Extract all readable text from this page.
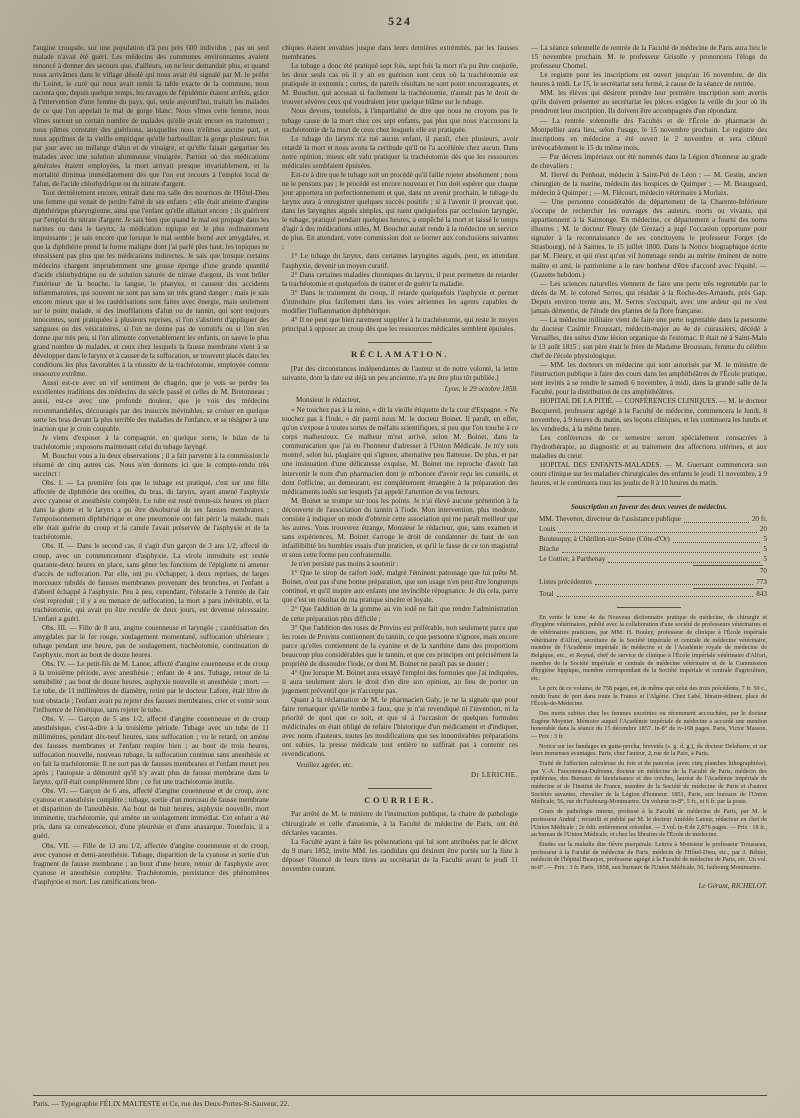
524
l'angine croupale, sur une population d'à peu près 600 individus ; pas un seul malade n'avait été guéri. Les médecins des communes environnantes avaient renoncé à donner des secours que, d'ailleurs, on ne leur demandait plus, et quand nous arrivâmes dans le village désolé qui nous avait été signalé par M. le préfet du Loiret, le curé qui nous avait remis la table exacte de la commune, nous raconta que, depuis quelque temps, les ravages de l'épidémie étaient arrêtés, grâce à l'intervention d'une femme du pays, qui, seule aujourd'hui, traitait les malades de ce que l'on appelait le mal de gorge blanc. Nous vîmes cette femme, nous vîmes surtout un certain nombre de malades qu'elle avait encore en traitement ; nous pûmes constater des guérisons, auxquelles nous n'eûmes aucune part, et nous apprîmes de la vieille empirique qu'elle barbouillait la gorge plusieurs fois par jour avec un mélange d'alun et de vinaigre, et qu'elle faisait gargariser les malades avec une solution alumineuse vinaigrée. Partout où des médications générales étaient employées, la mort arrivait presque invariablement, et la mortalité diminua immédiatement dès que l'on eut recours à l'emploi local de l'alun, de l'acide chlorhydrique ou du nitrate d'argent.
Tout dernièrement encore, entrait dans ma salle des nourrices de l'Hôtel-Dieu une femme qui venait de perdre l'aîné de ses enfants ; elle était atteinte d'angine diphthérique pharyngienne, ainsi que l'enfant qu'elle allaitait encore ; ils guérirent par l'emploi du nitrate d'argent. Je sais bien que quand le mal est propagé dans les narines ou dans le larynx, la médication topique est le plus ordinairement impuissante ; je sais encore que lorsque le mal semble borné aux amygdales, et que la diphthérie prend la forme maligne dont j'ai parlé plus haut, les topiques ne réussissent pas plus que les médications indirectes. Je sais que lorsque certains médecins chargent imprudemment une grosse éponge d'une grande quantité d'acide chlorhydrique ou de solution saturée de nitrate d'argent, ils vont brûler l'intérieur de la bouche, la langue, le pharynx, et causent des accidents inflammatoires, qui souvent ne sont pas sans un très grand danger ; mais je sais encore mieux que si les cautérisations sont faites avec énergie, mais seulement sur le point malade, si des insufflations d'alun ou de tannin, qui sont toujours innocentes, sont pratiquées à plusieurs reprises, si l'on s'abstient d'appliquer des sangsues ou des vésicatoires, si l'on ne donne pas de vomitifs ou si l'on n'en donne que très peu, si l'on alimente convenablement les enfants, on sauve le plus grand nombre de malades, et ceux chez lesquels la fausse membrane vient à se développer dans le larynx et à causer de la suffocation, se trouvent placés dans les conditions les plus favorables à la réussite de la trachéotomie, employée comme ressource extrême.
Aussi est-ce avec un vif sentiment de chagrin, que je vois se perdre les excellentes traditions des médecins du siècle passé et celles de M. Bretonneau ; aussi, est-ce avec une profonde douleur, que je vois des médecins recommandables, découragés par des insuccès inévitables, se croiser en quelque sorte les bras devant la plus terrible des maladies de l'enfance, et se résigner à une inaction que je crois coupable.
Je viens d'exposer à la compagnie, en quelque sorte, le bilan de la trachéotomie ; exposons maintenant celui du tubage laryngé.
M. Bouchut vous a lu deux observations ; il a fait parvenir à la commission le résumé de cinq autres cas. Nous n'en donnons ici que le compte-rendu très succinct :
Obs. I. — La première fois que le tubage est pratiqué, c'est sur une fille affectée de diphthérie des oreilles, du bras, du larynx, ayant amené l'asphyxie avec cyanose et anesthésie complète. Le tube est resté trente-six heures en place dans la glotte et le larynx a pu être désobstrué de ses fausses membranes ; l'empoisonnement diphthérique et une pneumonie ont fait périr la malade, mais elle était guérie du croup et la canule l'avait préservée de l'asphyxie et de la trachéotomie.
Obs. II. — Dans le second cas, il s'agit d'un garçon de 3 ans 1/2, affecté de croup, avec un commencement d'asphyxie. La virole introduite est restée quarante-deux heures en place, sans gêner les fonctions de l'épiglotte ni amener d'accès de suffocation. Par elle, ont pu s'échapper, à deux reprises, de larges morceaux tubulés de fausses membranes provenant des bronches, et l'enfant a d'abord échappé à l'asphyxie. Peu à peu, cependant, l'obstacle à l'entrée de l'air s'est reproduit ; il y a eu menace de suffocation, la mort a paru inévitable, et la trachéotomie, qui avait pu être reculée de deux jours, est devenue nécessaire. L'enfant a guéri.
Obs. III. — Fille de 8 ans, angine couenneuse et laryngée ; cautérisation des amygdales par le fer rouge, soulagement momentané, suffocation ultérieure ; tubage pendant une heure, pas de soulagement, trachéotomie, continuation de l'asphyxie, mort au bout de douze heures.
Obs. IV. — Le petit-fils de M. Lanoe, affecté d'angine couenneuse et de croup à la troisième période, avec anesthésie ; enfant de 4 ans. Tubage, retour de la sensibilité ; au bout de douze heures, asphyxie nouvelle et anesthésie ; mort. — Le tube, de 11 millimètres de diamètre, retiré par le docteur Lafore, était libre de tout obstacle ; l'enfant avait pu rejeter des fausses membranes, crier et vomir sous l'influence de l'émétique, sans rejeter le tube.
Obs. V. — Garçon de 5 ans 1/2, affecté d'angine couenneuse et de croup anesthésique, c'est-à-dire à la troisième période. Tubage avec un tube de 11 millimètres, pendant dix-neuf heures, sans suffocation ; vu le retard, on amène des fausses membranes et l'enfant respire bien ; au bout de trois heures, suffocation nouvelle, nouveau tubage, la suffocation continue sans anesthésie et on fait la trachéotomie. Il ne sort pas de fausses membranes et l'enfant meurt peu après ; l'autopsie a démontré qu'il n'y avait plus de fausse membrane dans le larynx, qu'il était complètement libre ; ce fut une trachéotomie inutile.
Obs. VI. — Garçon de 6 ans, affecté d'angine couenneuse et de croup, avec cyanose et anesthésie complète ; tubage, sortie d'un morceau de fausse membrane et disparition de l'anesthésie. Au bout de huit heures, asphyxie nouvelle, mort imminente, trachéotomie, qui amène un soulagement immédiat. Cet enfant a été pris, dans sa convalescence, d'une pleurésie et d'une anasarque. Toutefois, il a guéri.
Obs. VII. — Fille de 13 ans 1/2, affectée d'angine couenneuse et de croup, avec cyanose et demi-anesthésie. Tubage, disparition de la cyanose et sortie d'un fragment de fausse membrane ; au bout d'une heure, retour de l'asphyxie avec cyanose et anesthésie complète. Trachéotomie, persistance des phénomènes d'asphyxie et mort. Les ramifications bron-
chiques étaient envahies jusque dans leurs dernières extrémités, par les fausses membranes.
Le tubage a donc été pratiqué sept fois, sept fois la mort n'a pu être conjurée, les deux seuls cas où il y ait eu guérison sont ceux où la trachéotomie est pratiquée in extremis ; certes, de pareils résultats ne sont point encourageants, et M. Bouchut, qui accusait si facilement la trachéotomie, n'aurait pas le droit de trouver sévères ceux qui voudraient jeter quelque blâme sur le tubage.
Nous devons, toutefois, à l'impartialité de dire que nous ne croyons pas le tubage cause de la mort chez ces sept enfants, pas plus que nous n'accusons la trachéotomie de la mort de ceux chez lesquels elle est pratiquée.
Le tubage du larynx n'a tué aucun enfant, il paraît, chez plusieurs, avoir retardé la mort et nous avons la certitude qu'il ne l'a accélérée chez aucun. Dans notre opinion, mieux eût valu pratiquer la trachéotomie dès que les ressources médicales semblaient épuisées.
Est-ce à dire que le tubage soit un procédé qu'il faille rejeter absolument ; nous ne le pensons pas ; le procédé est encore nouveau et l'on doit espérer que chaque jour apportera un perfectionnement et que, dans un avenir prochain, le tubage du larynx aura à enregistrer quelques succès positifs ; si à l'avenir il prouvait que, dans les laryngites aiguës simples, qui tuent quelquefois par occlusion laryngée, le tubage, pratiqué pendant quelques heures, a empêché la mort et laissé le temps d'agir à des médications utiles, M. Bouchut aurait rendu à la médecine un service de plus. En attendant, votre commission doit se borner aux conclusions suivantes :
1° Le tubage du larynx, dans certaines laryngites aiguës, peut, en attendant l'asphyxie, devenir un moyen curatif.
2° Dans certaines maladies chroniques du larynx, il peut permettre de retarder la trachéotomie et quelquefois de traiter et de guérir la maladie.
3° Dans le traitement du croup, il retarde quelquefois l'asphyxie et permet d'introduire plus facilement dans les voies aériennes les agents capables de modifier l'inflammation diphthérique.
4° Il ne peut que bien rarement suppléer à la trachéotomie, qui reste le moyen principal à opposer au croup dès que les ressources médicales semblent épuisées.
RÉCLAMATION.
[Par des circonstances indépendantes de l'auteur et de notre volonté, la lettre suivante, dont la date est déjà un peu ancienne, n'a pu être plus tôt publiée.]
Lyon, le 29 octobre 1858.
Monsieur le rédacteur,
« Ne touchez pas à la reine, » dit la vieille étiquette de la cour d'Espagne. « Ne touchez pas à l'iode, » dit parmi nous M. le docteur Boinet. Il paraît, en effet, qu'on s'expose à toutes sortes de méfaits scientifiques, si peu que l'on touche à ce corps malheureux. Ce malheur m'est arrivé, selon M. Boinet, dans la communication que j'ai eu l'honneur d'adresser à l'Union Médicale. Je m'y suis montré, selon lui, plagiaire qui s'ignore, alternative peu flatteuse. De plus, et par une insinuation d'une délicatesse exquise, M. Boinet me reproche d'avoir fait intervenir le nom d'un pharmacien dont je m'honore d'avoir reçu les conseils, et dont l'officine, au demeurant, est complètement étrangère à la préparation des médicaments iodés sur lesquels j'ai appelé l'attention de vos lecteurs.
M. Boinet se trompe sur tous les points. Je n'ai élevé aucune prétention à la découverte de l'association du tannin à l'iode. Mon intervention, plus modeste, consiste à indiquer un mode d'obtenir cette association qui me paraît meilleur que les autres. Vous trouverez étrange, Monsieur le rédacteur, que, sans examen et sans expériences, M. Boinet s'arroge le droit de condamner du haut de son infaillibilité les humbles essais d'un praticien, et qu'il le fasse de ce ton magistral et sous cette forme peu confraternelle.
Je n'en persiste pas moins à soutenir :
1° Que le sirop de raifort iodé, malgré l'éminent patronage que lui prête M. Boinet, n'est pas d'une bonne préparation, que son usage n'en peut être longtemps continué, et qu'il inspire aux enfants une invincible répugnance. Je dis cela, parce que c'est un résultat de ma pratique sincère et loyale.
2° Que l'addition de la gomme au vin iodé ne fait que rendre l'administration de cette préparation plus difficile ;
3° Que l'addition des roses de Provins est préférable, non seulement parce que les roses de Provins contiennent du tannin, ce que personne n'ignore, mais encore parce qu'elles contiennent de la cyanine et de la xanthine dans des proportions beaucoup plus considérables que le tannin, et que ces principes ont précisément la propriété de dissoudre l'iode, ce dont M. Boinet ne paraît pas se douter ;
4° Que lorsque M. Boinet aura essayé l'emploi des formules que j'ai indiquées, il aura seulement alors le droit d'en dire son opinion, au lieu de porter un jugement préventif que je n'accepte pas.
Quant à la réclamation de M. le pharmacien Galy, je ne la signale que pour faire remarquer qu'elle tombe à faux, que je n'ai revendiqué ni l'invention, ni la priorité de quoi que ce soit, et que si à l'occasion de quelques formules médicinales on était obligé de refaire l'historique d'un médicament et d'indiquer, avec noms d'auteurs, toutes les modifications que ses innombrables préparations ont subies, la presse médicale tout entière ne suffirait pas à contenir ces revendications.
Veuillez agréer, etc.
Dr LERICHE.
COURRIER.
Par arrêté de M. le ministre de l'instruction publique, la chaire de pathologie chirurgicale et celle d'anatomie, à la Faculté de médecine de Paris, ont été déclarées vacantes.
La Faculté ayant à faire les présentations qui lui sont attribuées par le décret du 9 mars 1852, invite MM. les candidats qui désirent être portés sur la liste à déposer l'énoncé de leurs titres au secrétariat de la Faculté avant le jeudi 11 novembre courant.
— La séance solennelle de rentrée de la Faculté de médecine de Paris aura lieu le 15 novembre prochain. M. le professeur Grisolle y prononcera l'éloge du professeur Chomel.
Le registre pour les inscriptions est ouvert jusqu'au 16 novembre, de dix heures à midi. Le 15, le secrétariat sera fermé, à cause de la séance de rentrée.
MM. les élèves qui désirent prendre leur première inscription sont avertis qu'ils doivent présenter au secrétariat les pièces exigées la veille du jour où ils prendront leur inscription. Ils doivent être accompagnés d'un répondant.
— La rentrée solennelle des Facultés et de l'École de pharmacie de Montpellier aura lieu, selon l'usage, le 15 novembre prochain. Le registre des inscriptions en médecine a été ouvert le 2 novembre et sera clôturé irrévocablement le 15 du même mois.
— Par décrets impériaux ont été nommés dans la Légion d'honneur au grade de chevaliers :
M. Hervé du Penhoat, médecin à Saint-Pol de Léon ; — M. Gestin, ancien chirurgien de la marine, médecin des hospices de Quimper ; — M. Beaugeard, médecin à Quimper ; — M. Flécourt, médecin vétérinaire à Morlaix.
— Une personne considérable du département de la Charente-Inférieure s'occupe de rechercher les ouvrages des auteurs, morts ou vivants, qui appartiennent à la Saintonge. En médecine, ce département a fourni des noms illustres ; M. le docteur Fleury (de Grezac) a jugé l'occasion opportune pour signaler à la reconnaissance de ses concitoyens le professeur Forget (de Strasbourg), né à Saintes, le 15 juillet 1800. Dans la Notice biographique écrite par M. Fleury, et qui n'est qu'un vif hommage rendu au mérite éminent de notre maître et ami, le patriotisme a le rare bonheur d'être d'accord avec l'équité. — (Gazette hebdom.)
— Les sciences naturelles viennent de faire une perte très regrettable par le décès de M. le colonel Serres, qui résidait à la Roche-des-Arnauds, près Gap. Depuis environ trente ans, M. Serres s'occupait, avec une ardeur qui ne s'est jamais démentie, de l'étude des plantes de la flore française.
— La médecine militaire vient de faire une perte regrettable dans la personne du docteur Casimir Froussart, médecin-major au 4e de cuirassiers, décédé à Versailles, des suites d'une lésion organique de l'estomac. Il était né à Saint-Malo le 13 août 1815 ; son père était le frère de Madame Broussais, femme du célèbre chef de l'école physiologique.
— MM. les docteurs en médecine qui sont autorisés par M. le ministre de l'instruction publique à faire des cours dans les amphithéâtres de l'École pratique, sont invités à se rendre le samedi 6 novembre, à midi, dans la grande salle de la Faculté, pour la distribution de ces amphithéâtres.
HOPITAL DE LA PITIÉ. — CONFÉRENCES CLINIQUES. — M. le docteur Becquerel, professeur agrégé à la Faculté de médecine, commencera le lundi, 8 novembre, à 9 heures du matin, ses leçons cliniques, et les continuera les lundis et les vendredis, à la même heure.
Les conférences de ce semestre seront spécialement consacrées à l'hydrothérapie, au diagnostic et au traitement des affections utérines, et aux maladies du cœur.
HOPITAL DES ENFANTS-MALADES. — M. Guersant commencera son cours clinique sur les maladies chirurgicales des enfants le jeudi 11 novembre, à 9 heures, et le continuera tous les jeudis de 8 à 10 heures du matin.
Souscription en faveur des deux veuves de médecins.
MM. Thevenot, directeur de l'assistance publique	20 fr.
Louis	20
Bouteuquy, à Châtillon-sur-Seine (Côte-d'Or)	5
Blache	5
Le Cottier, à Parthenay	5
70
Listes précédentes	773
Total	843
En vente le tome 4e du Nouveau dictionnaire pratique de médecine, de chirurgie et d'hygiène vétérinaires, publié avec la collaboration d'une société de professeurs vétérinaires et de vétérinaires praticiens, par MM. H. Bouley, professeur de clinique à l'École impériale vétérinaire d'Alfort, secrétaire de la Société impériale et centrale de médecine vétérinaire, membre de l'Académie impériale de médecine et de l'Académie royale de médecine de Belgique, etc., et Reynal, chef de service de clinique à l'École impériale vétérinaire d'Alfort, membre de la Société impériale et centrale de médecine vétérinaire et de la Commission d'hygiène hippique, membre correspondant de la Société impériale et centrale d'agriculture, etc.
Le prix de ce volume, de 758 pages, est, de même que celui des trois précédents, 7 fr. 50 c., rendu franc de port dans toute la France et l'Algérie. Chez Labé, libraire-éditeur, place de l'École-de-Médecine.
Des morts subites chez les femmes enceintes ou récemment accouchées, par le docteur Eugène Moynier. Mémoire auquel l'Académie impériale de médecine a accordé une mention honorable dans la séance du 15 décembre 1857. In-8° de iv-168 pages. Paris, Victor Masson. — Prix : 3 fr.
Notice sur les bandages en gutta-percha, brevetés (s. g. d. g.), du docteur Delabarre, et sur leurs immenses avantages. Paris, chez l'auteur, 2, rue de la Paix, à Paris.
Traité de l'affection calculeuse du foie et du pancréas (avec cinq planches lithographiées), par V.-A. Fauconneau-Dufresne, docteur en médecine de la Faculté de Paris, médecin des épidémies, des Bureaux de bienfaisance et des crèches, lauréat de l'Académie impériale de médecine et de l'Institut de France, membre de la Société de médecine de Paris et d'autres Sociétés savantes, chevalier de la Légion d'honneur. 1851, Paris, aux bureaux de l'Union Médicale, 56, rue du Faubourg-Montmartre. Un volume in-8°, 5 fr., et 6 fr. par la poste.
Cours de pathologie interne, professé à la Faculté de médecine de Paris, par M. le professeur Andral ; recueilli et publié par M. le docteur Amédée Latour, rédacteur en chef de l'Union Médicale ; 2e édit. entièrement refondue. — 3 vol. in-8 de 2,076 pages. — Prix : 18 fr., au bureau de l'Union Médicale, et chez les libraires de l'École de médecine.
Études sur la maladie dite fièvre puerpérale. Lettres à Monsieur le professeur Trousseau, professeur à la Faculté de médecine de Paris, médecin de l'Hôtel-Dieu, etc., par J. Béhier, médecin de l'hôpital Beaujon, professeur agrégé à la Faculté de médecine de Paris, etc. Un vol. in-8°. — Prix : 3 fr. Paris, 1858, aux bureaux de l'Union Médicale, 56, faubourg Montmartre.
Le Gérant, RICHELOT.
Paris. — Typographie FÉLIX MALTESTE et Ce, rue des Deux-Portes-St-Sauveur, 22.
